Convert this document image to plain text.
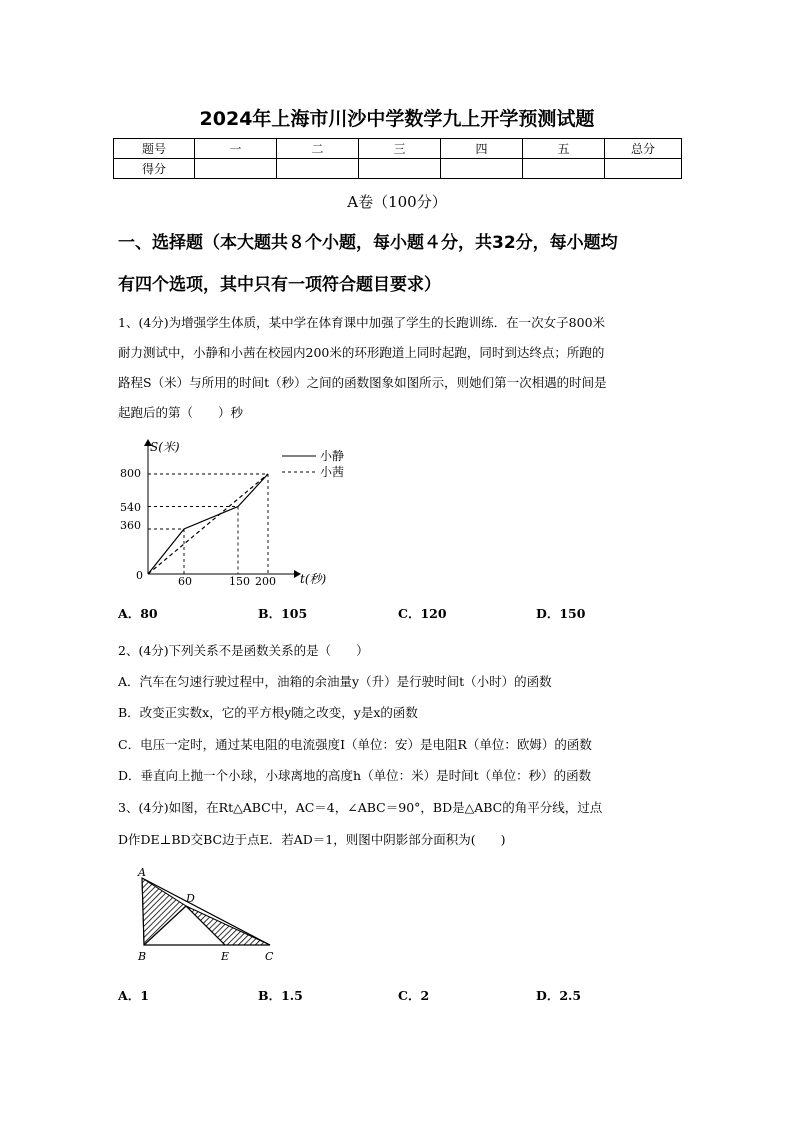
2024年上海市川沙中学数学九上开学预测试题
题号	一	二	三	四	五	总分
得分						
A卷（100分）
一、选择题（本大题共８个小题，每小题４分，共32分，每小题均
有四个选项，其中只有一项符合题目要求）
1、(4分)为增强学生体质，某中学在体育课中加强了学生的长跑训练．在一次女子800米
耐力测试中，小静和小茜在校园内200米的环形跑道上同时起跑，同时到达终点；所跑的
路程S（米）与所用的时间t（秒）之间的函数图象如图所示，则她们第一次相遇的时间是
起跑后的第（　　）秒
S(米)
t(秒)
0
800
540
360
60	150 200
小静
小茜
A．80	B．105	C．120	D．150
2、(4分)下列关系不是函数关系的是（　　）
A．汽车在匀速行驶过程中，油箱的余油量y（升）是行驶时间t（小时）的函数
B．改变正实数x，它的平方根y随之改变，y是x的函数
C．电压一定时，通过某电阻的电流强度I（单位：安）是电阻R（单位：欧姆）的函数
D．垂直向上抛一个小球，小球离地的高度h（单位：米）是时间t（单位：秒）的函数
3、(4分)如图，在Rt△ABC中，AC＝4，∠ABC＝90°，BD是△ABC的角平分线，过点
D作DE⊥BD交BC边于点E．若AD＝1，则图中阴影部分面积为(　　)
A
D
B	E	C
A．1	B．1.5	C．2	D．2.5
